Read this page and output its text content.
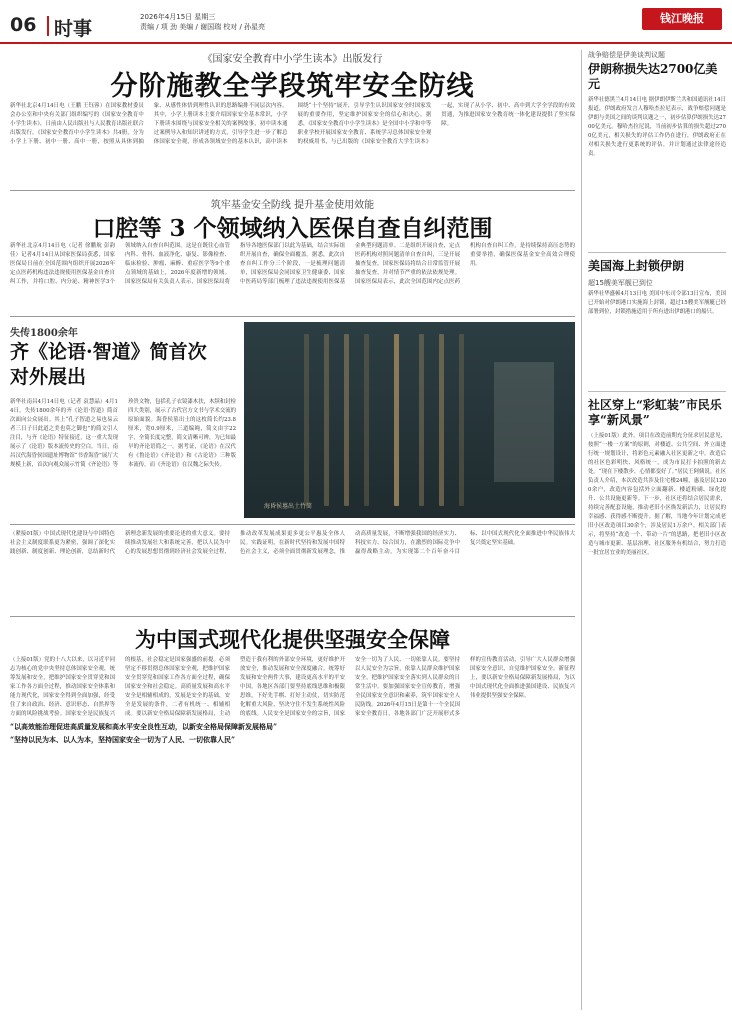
06 时事
2026年4月15日 星期三
责编 / 项 劲 美编 / 谢国瑞 校对 / 孙星亮
钱江晚报
《国家安全教育中小学生读本》出版发行
分阶施教全学段筑牢安全防线
新华社北京4月14日电（王鹏 王钰蓉）在国家教材委员会办公室和中央有关部门组织编写的《国家安全教育中小学生读本》，日前由人民出版社与人民教育出版社联合出版发行。《国家安全教育中小学生读本》共4册，分为小学上下册、初中一册、高中一册，按照从具体到抽象、从感性体悟到理性认识的思路编排不同层次内容。其中，小学上册读本主要介绍国家安全基本常识，小学下册读本围绕与国家安全相关的案例故事，初中读本通过案例导入和知识讲述的方式，引导学生进一步了解总体国家安全观，形成各领域安全的基本认识，高中读本围绕“十个坚持”展开，引导学生认识国家安全时国家发展的重要作用，坚定维护国家安全的信心和决心。据悉，《国家安全教育中小学生读本》是全国中小学和中等职业学校开展国家安全教育、系统学习总体国家安全观的权威用书，与已出版的《国家安全教育大学生读本》一起，实现了从小学、初中、高中到大学全学段的有效贯通，为推进国家安全教育统一体化建设提供了坚实保障。
筑牢基金安全防线 提升基金使用效能
口腔等 3 个领域纳入医保自查自纠范围
新华社北京4月14日电（记者 徐鹏航 彭韵佳）记者4月14日从国家医保局获悉，国家医保局日前在全国范围内组织开展2026年定点医药机构违法违规使用医保基金自查自纠工作，并将口腔、内分泌、精神医学3个领域纳入自查自纠范围。这是在既往心血管内科、骨科、血液净化、康复、影像检查、临床检验、肿瘤、麻醉、重症医学等9个重点领域的基础上，2026年度新增的领域。国家医保局有关负责人表示，国家医保局将指导各地医保部门以此为基础，结合实际组织开展自查，确保全面覆盖。据悉，此次自查自纠工作分三个阶段，一是梳理问题清单，国家医保局会同国家卫生健康委、国家中医药局等部门梳理了违法违规使用医保基金典型问题清单。二是组织开展自查，定点医药机构对照问题清单自查自纠，三是开展抽查复查，国家医保局将结合日常监管开展抽查复查，并对情节严重的依法依规处理。国家医保局表示，此次全国范围内定点医药机构自查自纠工作，是持续保持高压态势的重要举措，确保医保基金安全高效合理使用。
失传1800余年
齐《论语·智道》简首次对外展出
新华社南昌4月14日电（记者 袁慧晶）4月14日，失传1800余年的齐《论语·智道》简首次面向公众展出。其上“孔子智道之易也易云者三日子曰此道之美也莫之御也”的简文引人注目，与齐《论语》特征接近，这一重大发现展示了《论语》版本流传史的空白。当日，南昌汉代海昏侯国遗址博物馆“书香海昏”展厅大规模上新，首次向观众展示竹简《齐论语》等珍贵文物，包括孔子衣镜漆木扶，木牍和封检四大类别，展示了古代官方文书与学术交流的原始面貌。海昏侯墓出土的这枚简长约23.8厘米，宽0.9厘米，三道编绳，简文由字22字，全简长度完整，简文清晰可辨，为已知最早的齐论语简之一。据考证，《论语》在汉代有《鲁论语》《齐论语》和《古论语》三种版本流传，而《齐论语》在汉魏之际失传。
海昏侯墓出土竹简
（紧接01版）中国式现代化建设与中国特色社会主义制度联系更为紧密，强调了深化实践创新、制度创新、理论创新，总结新时代新理念新发展的重要论述的重大意义。要持续推动发展壮大和系统完善，把以人民为中心的发展思想贯彻到经济社会发展全过程，推动改革发展成果更多更公平惠及全体人民。实践证明，在新时代坚持和发展中国特色社会主义，必须全面贯彻新发展理念，推动高质量发展，不断增强我国的经济实力、科技实力、综合国力，在激烈的国际竞争中赢得战略主动，为实现第二个百年奋斗目标、以中国式现代化全面推进中华民族伟大复兴奠定坚实基础。
为中国式现代化提供坚强安全保障
（上接01版）党的十八大以来，以习近平同志为核心的党中央坚持总体国家安全观，统筹发展和安全，把维护国家安全贯穿党和国家工作各方面全过程，推动国家安全体系和能力现代化，国家安全得到全面加强，经受住了来自政治、经济、意识形态、自然界等方面的风险挑战考验。国家安全是民族复兴的根基，社会稳定是国家强盛的前提。必须坚定不移贯彻总体国家安全观，把维护国家安全贯穿党和国家工作各方面全过程，确保国家安全和社会稳定。高质量发展和高水平安全是相辅相成的，发展是安全的基础，安全是发展的条件，二者有机统一、相辅相成。要以新安全格局保障新发展格局，主动塑造于我有利的外部安全环境，更好维护开放安全，推动发展和安全深度融合。统筹好发展和安全两件大事，建设更高水平的平安中国。各地区各部门要坚持底线思维和极限思维，下好先手棋、打好主动仗，切实防范化解重大风险，坚决守住不发生系统性风险的底线。人民安全是国家安全的宗旨，国家安全一切为了人民、一切依靠人民。要坚持以人民安全为宗旨，依靠人民群众维护国家安全，把维护国家安全落实到人民群众的日常生活中。要加强国家安全宣传教育，增强全民国家安全意识和素养，筑牢国家安全人民防线。2026年4月15日是第十一个全民国家安全教育日，各地各部门广泛开展形式多样的宣传教育活动，引导广大人民群众增强国家安全意识，自觉维护国家安全。新征程上，要以新安全格局保障新发展格局，为以中国式现代化全面推进强国建设、民族复兴伟业提供坚强安全保障。
“以高效能治理促进高质量发展和高水平安全良性互动，以新安全格局保障新发展格局”
“坚持以民为本、以人为本，坚持国家安全一切为了人民、一切依靠人民”
战争赔偿是伊美谈判议题
伊朗称损失达2700亿美元
新华社德黑兰4月14日电 据伊朗伊斯兰共和国通讯社14日报道，伊朗政府发言人穆哈杰拉尼表示，战争赔偿问题是伊朗与美国之间的谈判议题之一，初步估算伊朗损失达2700亿美元。穆哈杰拉尼说，当前初步估算的损失超过2700亿美元，相关损失的评估工作仍在进行，伊朗政府正在对相关损失进行更系统的评估，并计划通过法律途径追责。
美国海上封锁伊朗
超15艘美军舰已到位
新华社华盛顿4月13日电 美国中东司令部13日宣布，美国已开始对伊朗港口实施海上封锁，超过15艘美军舰艇已经部署到位，封锁措施适用于所有进出伊朗港口的船只。
社区穿上“彩虹装”市民乐享“新风景”
（上接01版）此外，项目在改造前期充分征求居民意见，按照“一楼一方案”的原则，对楼道、公共空间、外立面进行统一规划设计，将彩色元素融入社区更新之中。改造后的社区色彩明快、风格统一，成为市民打卡拍照的新去处。“现在下楼散步，心情都变好了。”居民王阿姨说。社区负责人介绍，本次改造共涉及住宅楼24幢，惠及居民1200余户，改造内容包括外立面翻新、楼道粉刷、绿化提升、公共设施更新等。下一步，社区还将结合居民需求，持续完善配套设施，推动老旧小区焕发新活力，让居民的幸福感、获得感不断提升。据了解，当地今年计划完成老旧小区改造项目30余个，涉及居民1万余户。相关部门表示，将坚持“改造一个、带动一片”的思路，把老旧小区改造与城市更新、基层治理、社区服务有机结合，努力打造一批宜居宜业的美丽社区。
